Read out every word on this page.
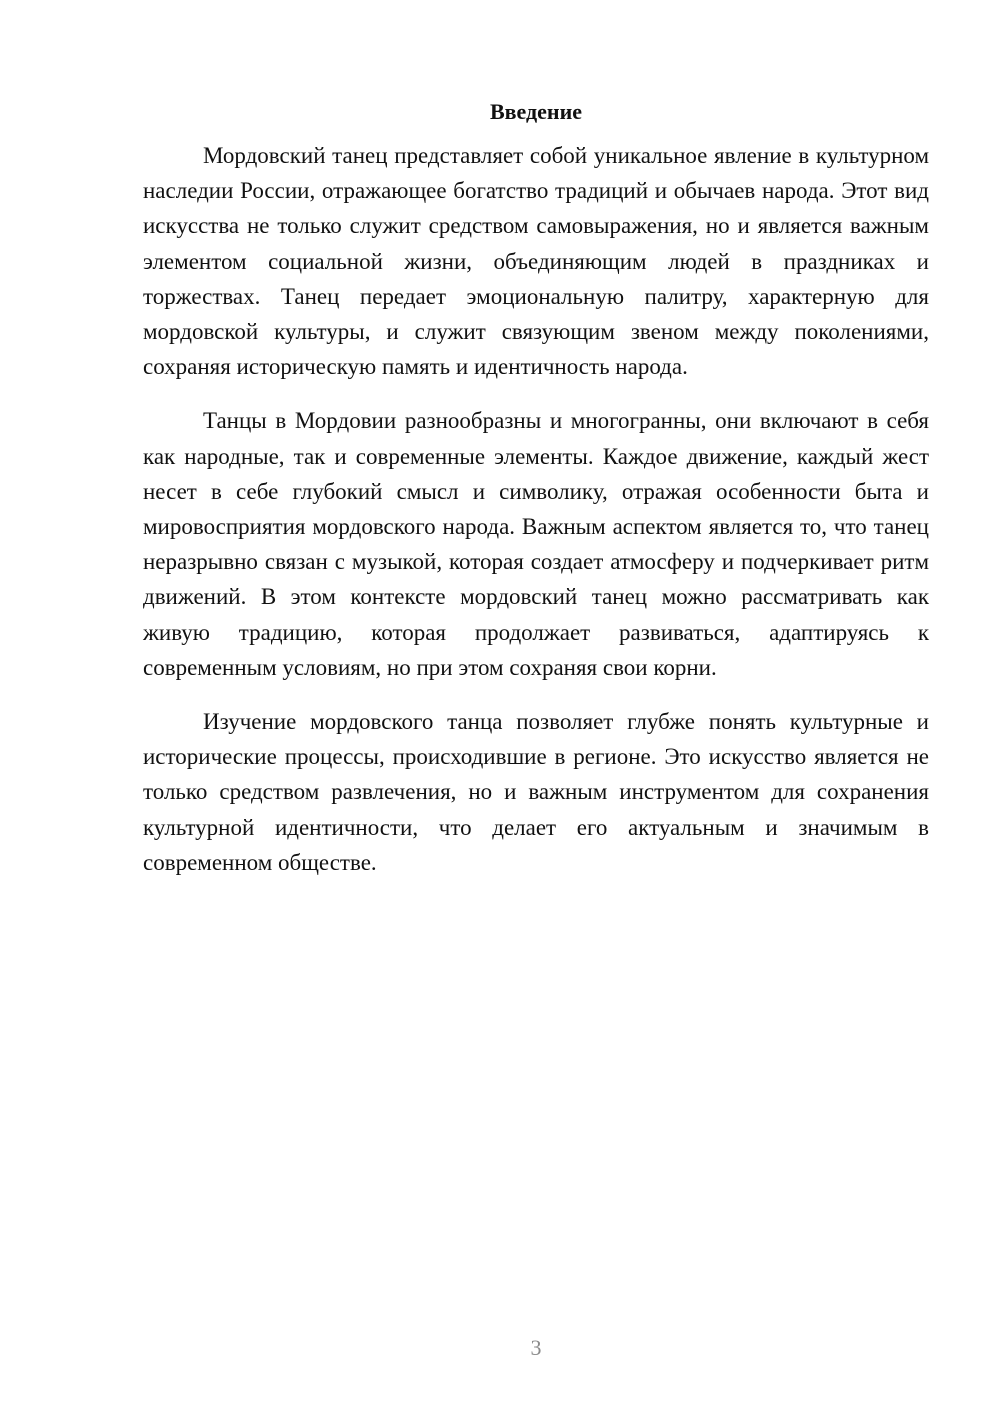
Введение

Мордовский танец представляет собой уникальное явление в культурном наследии России, отражающее богатство традиций и обычаев народа. Этот вид искусства не только служит средством самовыражения, но и является важным элементом социальной жизни, объединяющим людей в праздниках и торжествах. Танец передает эмоциональную палитру, характерную для мордовской культуры, и служит связующим звеном между поколениями, сохраняя историческую память и идентичность народа.

Танцы в Мордовии разнообразны и многогранны, они включают в себя как народные, так и современные элементы. Каждое движение, каждый жест несет в себе глубокий смысл и символику, отражая особенности быта и мировосприятия мордовского народа. Важным аспектом является то, что танец неразрывно связан с музыкой, которая создает атмосферу и подчеркивает ритм движений. В этом контексте мордовский танец можно рассматривать как живую традицию, которая продолжает развиваться, адаптируясь к современным условиям, но при этом сохраняя свои корни.

Изучение мордовского танца позволяет глубже понять культурные и исторические процессы, происходившие в регионе. Это искусство является не только средством развлечения, но и важным инструментом для сохранения культурной идентичности, что делает его актуальным и значимым в современном обществе.

3
